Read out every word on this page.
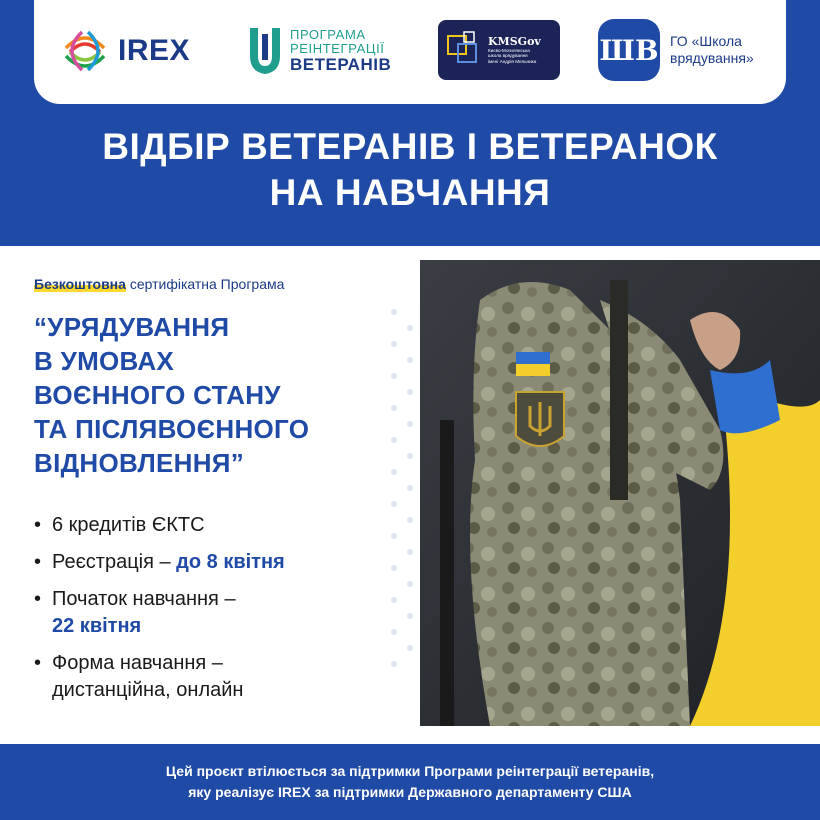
IREX	ПРОГРАМА
РЕІНТЕГРАЦІЇ
ВЕТЕРАНІВ
KMSGov
Києво-Могилянська
школа врядування
імені Андрія Мельника ШВ ГО «Школа
врядування»
ВІДБІР ВЕТЕРАНІВ І ВЕТЕРАНОК
НА НАВЧАННЯ
Безкоштовна сертифікатна Програма
“УРЯДУВАННЯ
В УМОВАХ
ВОЄННОГО СТАНУ
ТА ПІСЛЯВОЄННОГО
ВІДНОВЛЕННЯ”
• 6 кредитів ЄКТС
• Реєстрація – до 8 квітня
• Початок навчання –
22 квітня
• Форма навчання –
дистанційна, онлайн
Цей проєкт втілюється за підтримки Програми реінтеграції ветеранів,
яку реалізує IREX за підтримки Державного департаменту США
